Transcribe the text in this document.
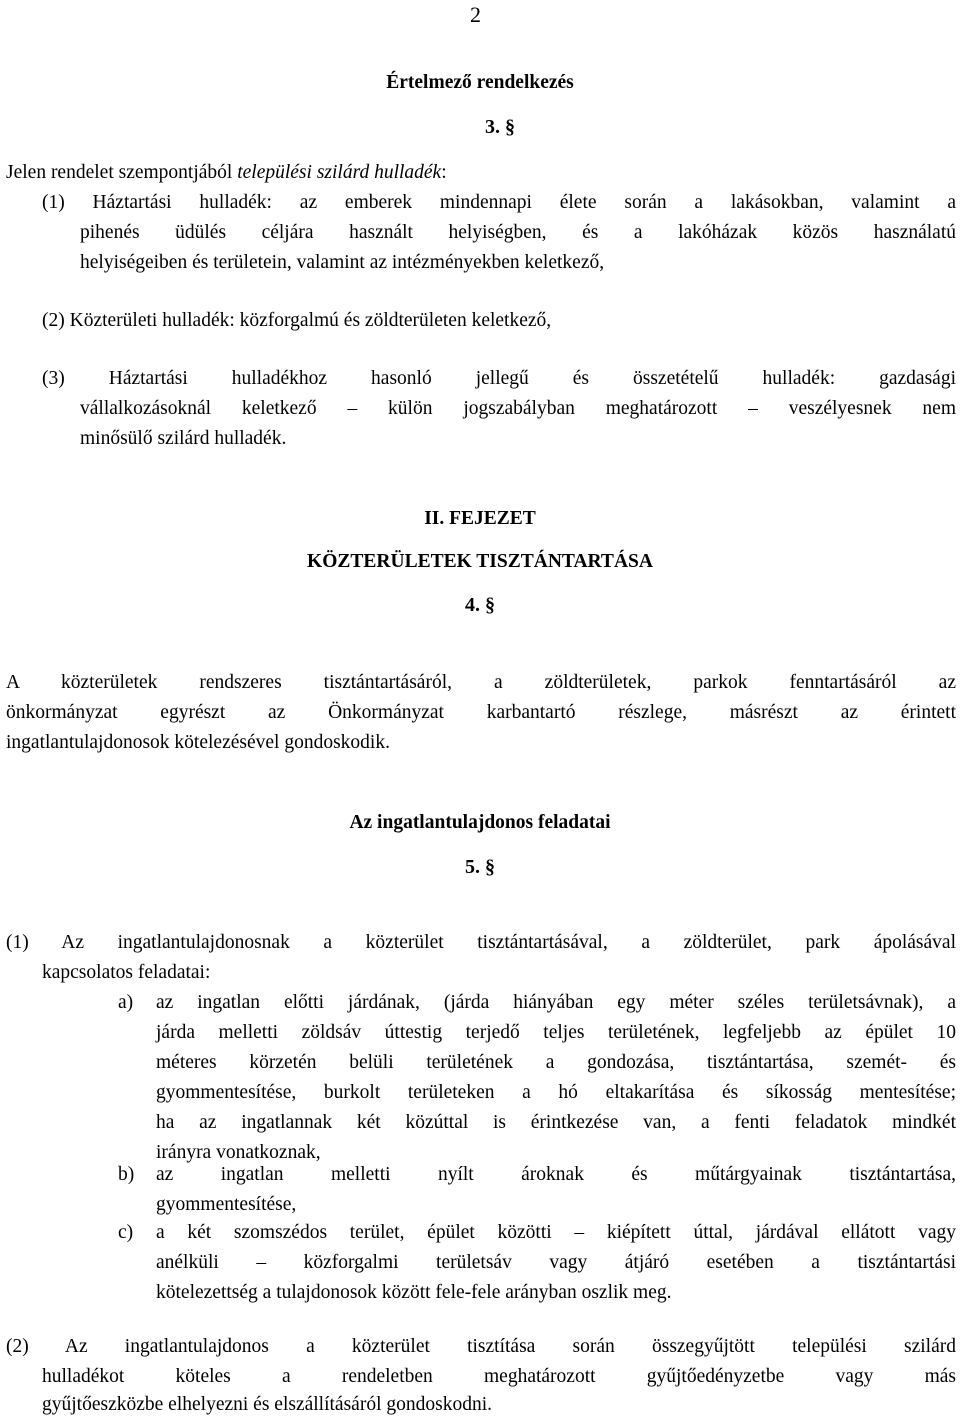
2
Értelmező rendelkezés
3. §
Jelen rendelet szempontjából települési szilárd hulladék:
(1) Háztartási hulladék: az emberek mindennapi élete során a lakásokban, valamint a
pihenés üdülés céljára használt helyiségben, és a lakóházak közös használatú
helyiségeiben és területein, valamint az intézményekben keletkező,
(2) Közterületi hulladék: közforgalmú és zöldterületen keletkező,
(3) Háztartási hulladékhoz hasonló jellegű és összetételű hulladék: gazdasági
vállalkozásoknál keletkező – külön jogszabályban meghatározott – veszélyesnek nem
minősülő szilárd hulladék.
II. FEJEZET
KÖZTERÜLETEK TISZTÁNTARTÁSA
4. §
A közterületek rendszeres tisztántartásáról, a zöldterületek, parkok fenntartásáról az
önkormányzat egyrészt az Önkormányzat karbantartó részlege, másrészt az érintett
ingatlantulajdonosok kötelezésével gondoskodik.
Az ingatlantulajdonos feladatai
5. §
(1) Az ingatlantulajdonosnak a közterület tisztántartásával, a zöldterület, park ápolásával
kapcsolatos feladatai:
a) az ingatlan előtti járdának, (járda hiányában egy méter széles területsávnak), a
járda melletti zöldsáv úttestig terjedő teljes területének, legfeljebb az épület 10
méteres körzetén belüli területének a gondozása, tisztántartása, szemét- és
gyommentesítése, burkolt területeken a hó eltakarítása és síkosság mentesítése;
ha az ingatlannak két közúttal is érintkezése van, a fenti feladatok mindkét
irányra vonatkoznak,
b) az ingatlan melletti nyílt ároknak és műtárgyainak tisztántartása,
gyommentesítése,
c) a két szomszédos terület, épület közötti – kiépített úttal, járdával ellátott vagy
anélküli – közforgalmi területsáv vagy átjáró esetében a tisztántartási
kötelezettség a tulajdonosok között fele-fele arányban oszlik meg.
(2) Az ingatlantulajdonos a közterület tisztítása során összegyűjtött települési szilárd
hulladékot köteles a rendeletben meghatározott gyűjtőedényzetbe vagy más
gyűjtőeszközbe elhelyezni és elszállításáról gondoskodni.
